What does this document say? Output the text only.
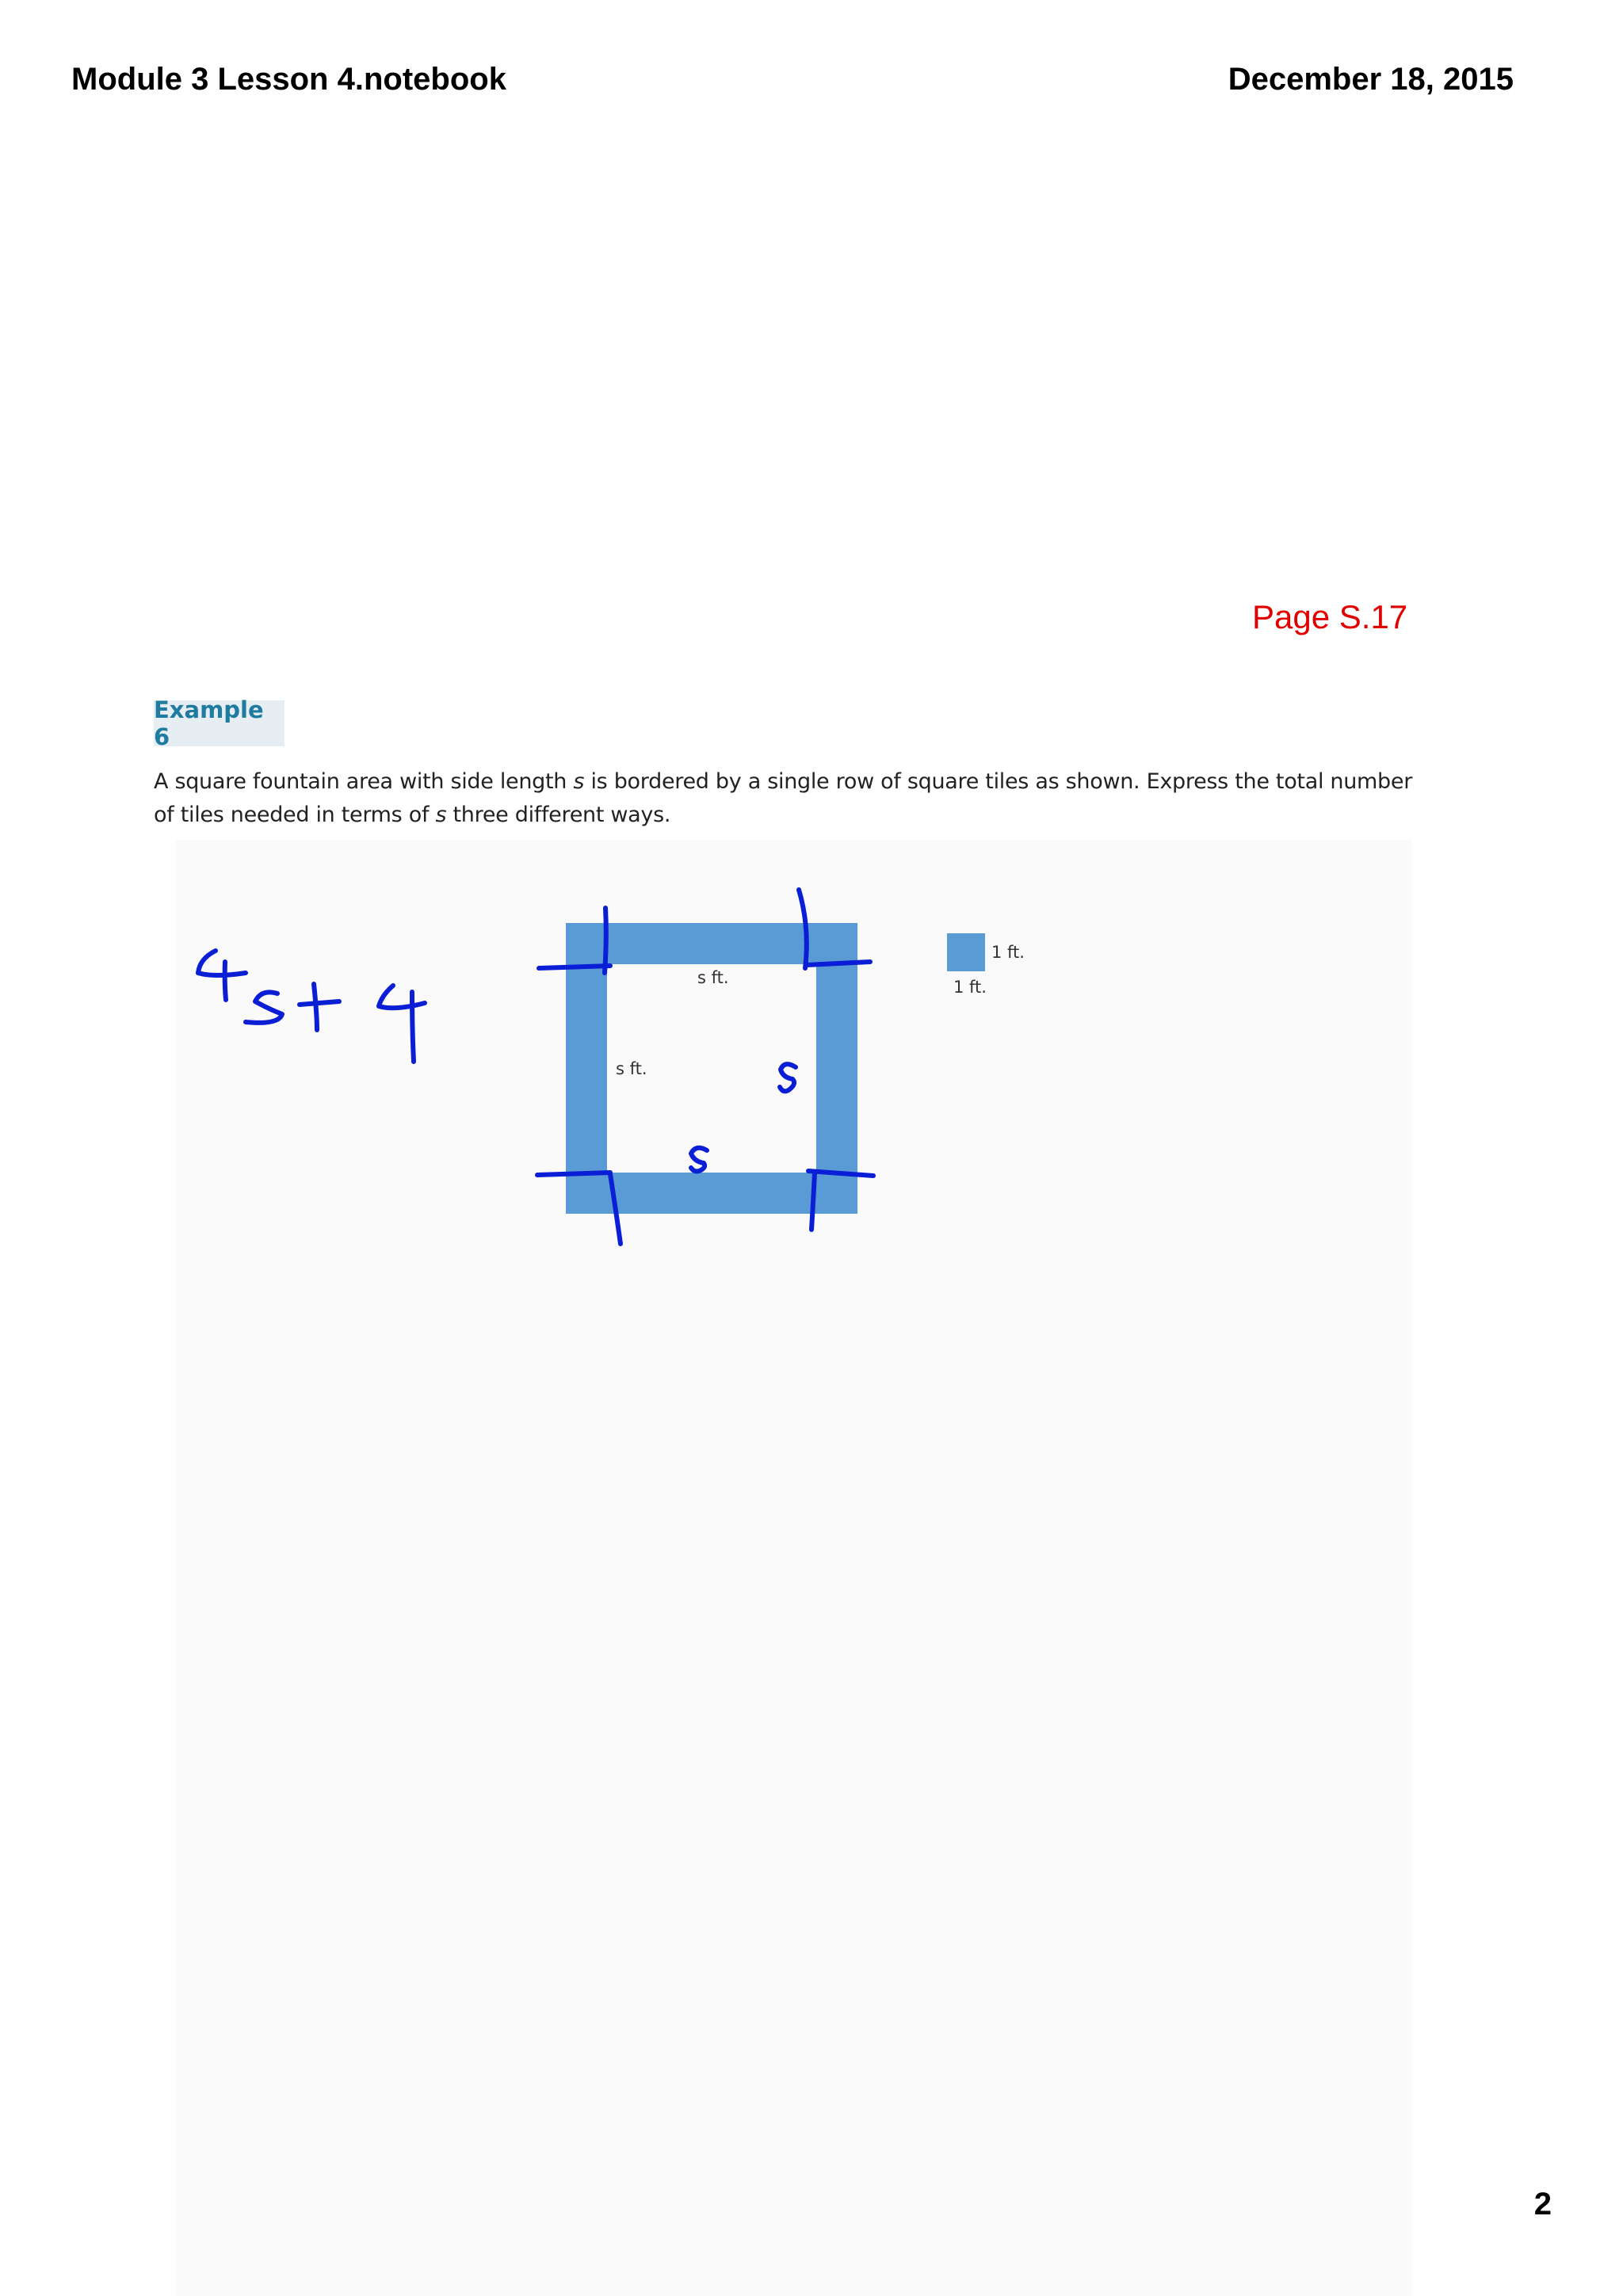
Module 3 Lesson 4.notebook	December 18, 2015
Page S.17
Example 6
A square fountain area with side length s is bordered by a single row of square tiles as shown. Express the total number of tiles needed in terms of s three different ways.
s ft.
s ft.
1 ft.
1 ft.
2
